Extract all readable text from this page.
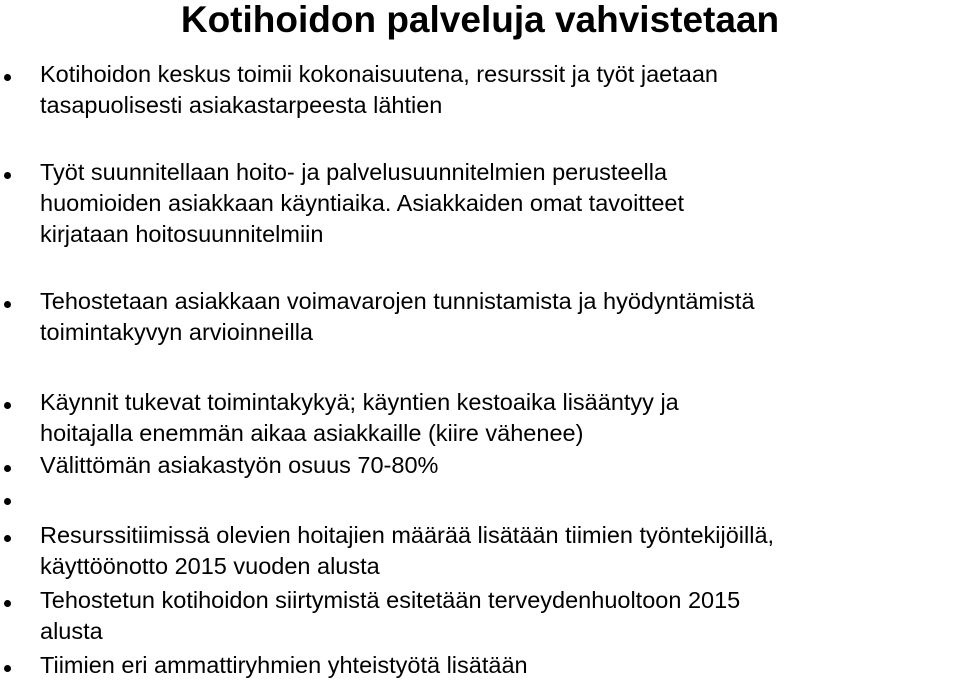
Kotihoidon palveluja vahvistetaan
Kotihoidon keskus toimii kokonaisuutena, resurssit ja työt jaetaan
tasapuolisesti asiakastarpeesta lähtien
Työt suunnitellaan hoito- ja palvelusuunnitelmien perusteella
huomioiden asiakkaan käyntiaika. Asiakkaiden omat tavoitteet
kirjataan hoitosuunnitelmiin
Tehostetaan asiakkaan voimavarojen tunnistamista ja hyödyntämistä
toimintakyvyn arvioinneilla
Käynnit tukevat toimintakykyä; käyntien kestoaika lisääntyy ja
hoitajalla enemmän aikaa asiakkaille (kiire vähenee)
Välittömän asiakastyön osuus 70-80%

Resurssitiimissä olevien hoitajien määrää lisätään tiimien työntekijöillä,
käyttöönotto 2015 vuoden alusta
Tehostetun kotihoidon siirtymistä esitetään terveydenhuoltoon 2015
alusta
Tiimien eri ammattiryhmien yhteistyötä lisätään
